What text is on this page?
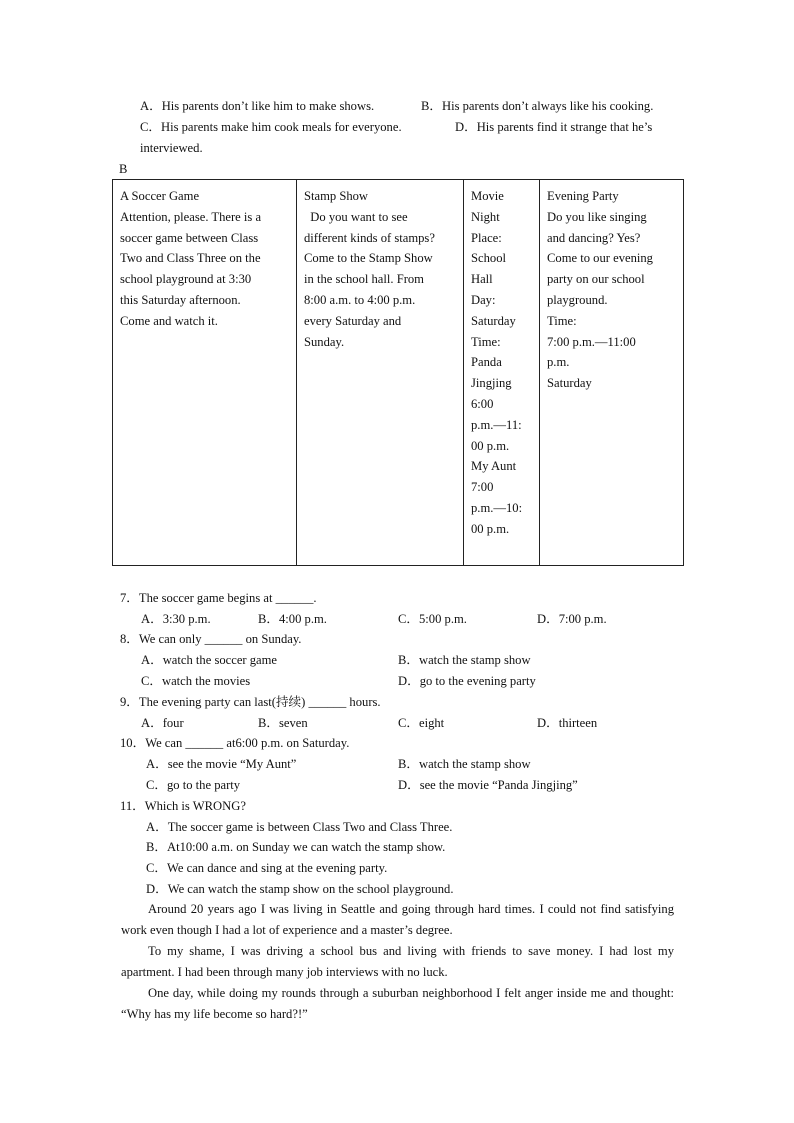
A．His parents don’t like him to make shows.	B．His parents don’t always like his cooking.
C．His parents make him cook meals for everyone.	D．His parents find it strange that he’s
interviewed.
B
A Soccer Game
Attention, please. There is a
soccer game between Class
Two and Class Three on the
school playground at 3:30
this Saturday afternoon.
Come and watch it.

Stamp Show
Do you want to see
different kinds of stamps?
Come to the Stamp Show
in the school hall. From
8:00 a.m. to 4:00 p.m.
every Saturday and
Sunday.

Movie
Night
Place:
School
Hall
Day:
Saturday
Time:
Panda
Jingjing
6:00
p.m.—11:
00 p.m.
My Aunt
7:00
p.m.—10:
00 p.m.

Evening Party
Do you like singing
and dancing? Yes?
Come to our evening
party on our school
playground.
Time:
7:00 p.m.—11:00
p.m.
Saturday
7．The soccer game begins at ______.
A．3:30 p.m.	B．4:00 p.m.	C．5:00 p.m.	D．7:00 p.m.
8．We can only ______ on Sunday.
A．watch the soccer game	B．watch the stamp show
C．watch the movies	D．go to the evening party
9．The evening party can last(持续) ______ hours.
A．four	B．seven	C．eight	D．thirteen
10．We can ______ at6:00 p.m. on Saturday.
A．see the movie “My Aunt”	B．watch the stamp show
C．go to the party	D．see the movie “Panda Jingjing”
11．Which is WRONG?
A．The soccer game is between Class Two and Class Three.
B．At10:00 a.m. on Sunday we can watch the stamp show.
C．We can dance and sing at the evening party.
D．We can watch the stamp show on the school playground.
Around 20 years ago I was living in Seattle and going through hard times. I could not find satisfying work even though I had a lot of experience and a master’s degree.
To my shame, I was driving a school bus and living with friends to save money. I had lost my apartment. I had been through many job interviews with no luck.
One day, while doing my rounds through a suburban neighborhood I felt anger inside me and thought: “Why has my life become so hard?!”
